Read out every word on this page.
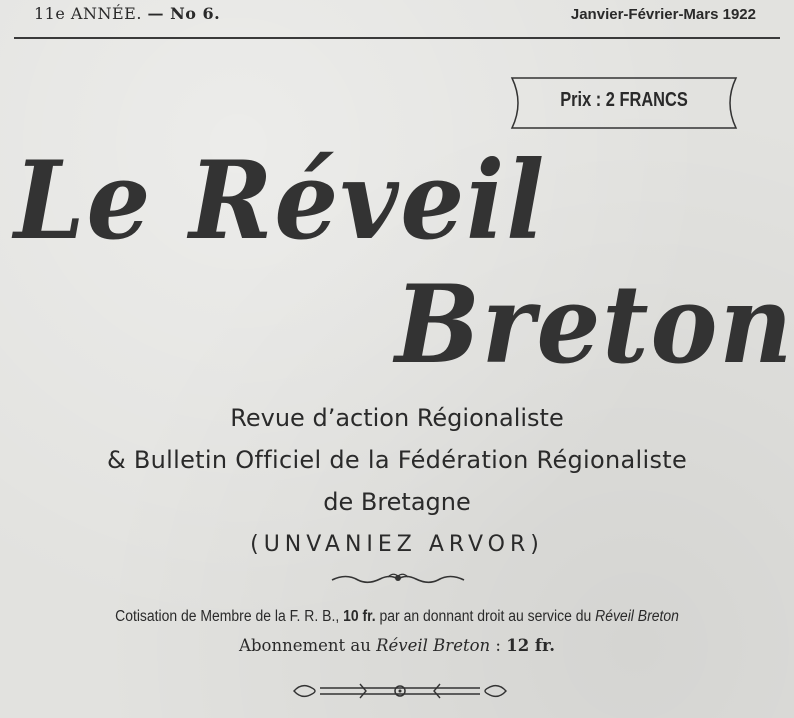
11e ANNÉE. — No 6.	Janvier-Février-Mars 1922
Prix : 2 FRANCS
Le Réveil
Breton
Revue d’action Régionaliste
& Bulletin Officiel de la Fédération Régionaliste
de Bretagne
(UNVANIEZ ARVOR)
Cotisation de Membre de la F. R. B., 10 fr. par an donnant droit au service du Réveil Breton
Abonnement au Réveil Breton : 12 fr.
